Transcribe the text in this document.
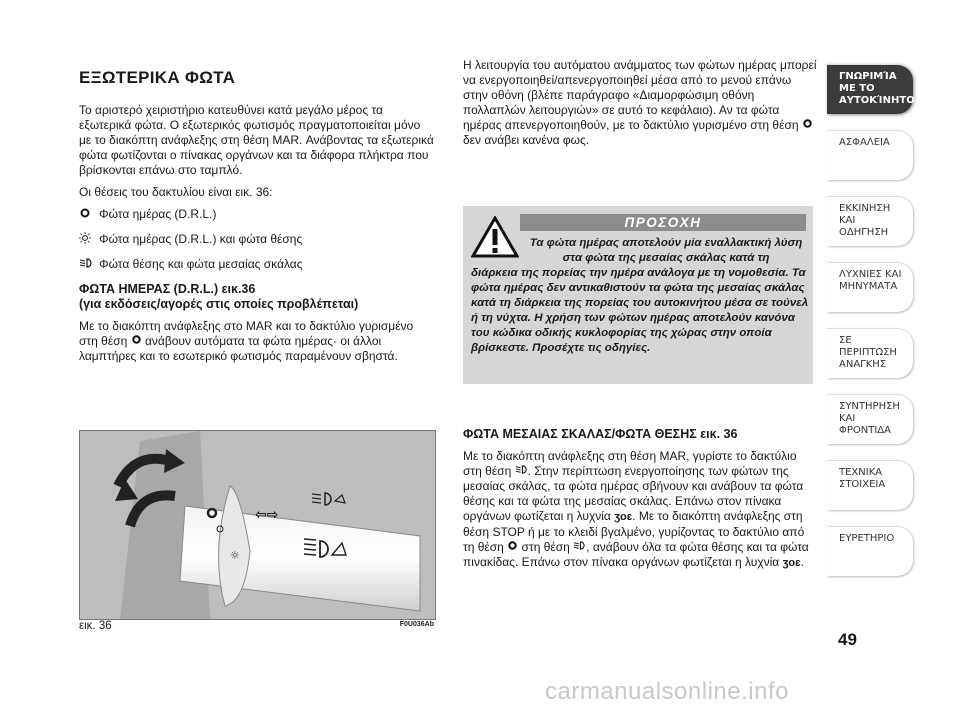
ΕΞΩΤΕΡΙΚΑ ΦΩΤΑ

Το αριστερό χειριστήριο κατευθύνει κατά μεγάλο μέρος τα εξωτερικά φώτα. Ο εξωτερικός φωτισμός πραγματοποιείται μόνο με το διακόπτη ανάφλεξης στη θέση MAR. Ανάβοντας τα εξωτερικά φώτα φωτίζονται ο πίνακας οργάνων και τα διάφορα πλήκτρα που βρίσκονται επάνω στο ταμπλό.

Οι θέσεις του δακτυλίου είναι εικ. 36:

Φώτα ημέρας (D.R.L.)
Φώτα ημέρας (D.R.L.) και φώτα θέσης
Φώτα θέσης και φώτα μεσαίας σκάλας
ΦΩΤΑ ΗΜΕΡΑΣ (D.R.L.) εικ.36
(για εκδόσεις/αγορές στις οποίες προβλέπεται)

Με το διακόπτη ανάφλεξης στο MAR και το δακτύλιο γυρισμένο στη θέση ανάβουν αυτόματα τα φώτα ημέρας· οι άλλοι λαμπτήρες και το εσωτερικό φωτισμός παραμένουν σβηστά.

⇦⇨
☼
εικ. 36	F0U036Ab

Η λειτουργία του αυτόματου ανάμματος των φώτων ημέρας μπορεί να ενεργοποιηθεί/απενεργοποιηθεί μέσα από το μενού επάνω στην οθόνη (βλέπε παράγραφο «Διαμορφώσιμη οθόνη πολλαπλών λειτουργιών» σε αυτό το κεφάλαιο). Αν τα φώτα ημέρας απενεργοποιηθούν, με το δακτύλιο γυρισμένο στη θέση  δεν ανάβει κανένα φως.

ΠΡΟΣΟΧΗ
Τα φώτα ημέρας αποτελούν μία εναλλακτική λύση στα φώτα της μεσαίας σκάλας κατά τη
διάρκεια της πορείας την ημέρα ανάλογα με τη νομοθεσία. Τα φώτα ημέρας δεν αντικαθιστούν τα φώτα της μεσαίας σκάλας κατά τη διάρκεια της πορείας του αυτοκινήτου μέσα σε τούνελ ή τη νύχτα. Η χρήση των φώτων ημέρας αποτελούν κανόνα του κώδικα οδικής κυκλοφορίας της χώρας στην οποία βρίσκεστε. Προσέχτε τις οδηγίες.
ΦΩΤΑ ΜΕΣΑΙΑΣ ΣΚΑΛΑΣ/ΦΩΤΑ ΘΕΣΗΣ εικ. 36

Με το διακόπτη ανάφλεξης στη θέση MAR, γυρίστε το δακτύλιο στη θέση . Στην περίπτωση ενεργοποίησης των φώτων της μεσαίας σκάλας, τα φώτα ημέρας σβήνουν και ανάβουν τα φώτα θέσης και τα φώτα της μεσαίας σκάλας. Επάνω στον πίνακα οργάνων φωτίζεται η λυχνία ʒoɛ. Με το διακόπτη ανάφλεξης στη θέση STOP ή με το κλειδί βγαλμένο, γυρίζοντας το δακτύλιο από τη θέση στη θέση , ανάβουν όλα τα φώτα θέσης και τα φώτα πινακίδας. Επάνω στον πίνακα οργάνων φωτίζεται η λυχνία ʒoɛ.

ΓΝΩΡΙΜΊΑ ΜΕ ΤΟ ΑΥΤΟΚΊΝΗΤΟ
ΑΣΦΑΛΕΙΑ
ΕΚΚΙΝΗΣΗ ΚΑΙ ΟΔΗΓΗΣΗ
ΛΥΧΝΙΕΣ ΚΑΙ ΜΗΝΥΜΑΤΑ
ΣΕ ΠΕΡΙΠΤΩΣΗ ΑΝΑΓΚΗΣ
ΣΥΝΤΗΡΗΣΗ ΚΑΙ ΦΡΟΝΤΙΔΑ
ΤΕΧΝΙΚΑ ΣΤΟΙΧΕΙΑ
ΕΥΡΕΤΗΡΙΟ
49
carmanualsonline.info
